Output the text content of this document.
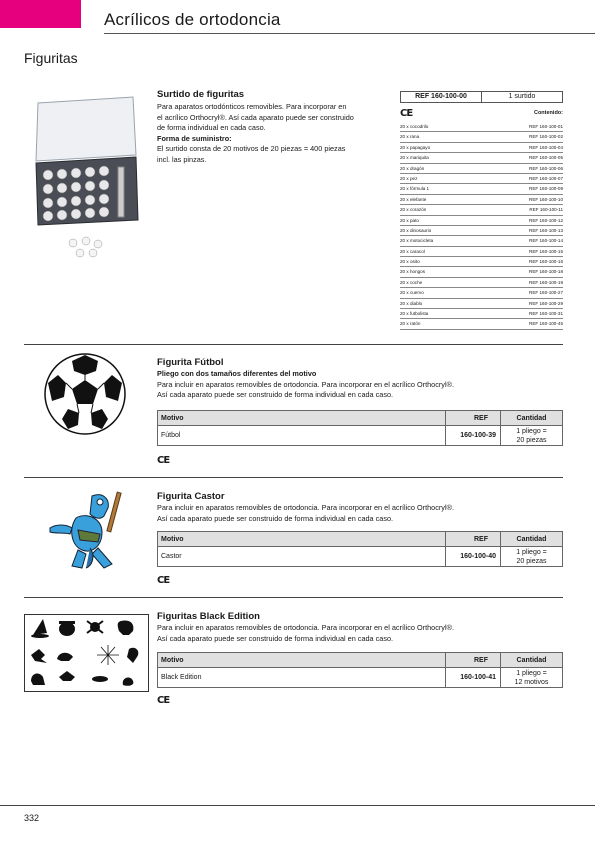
Acrílicos de ortodoncia
Figuritas
Surtido de figuritas
Para aparatos ortodónticos removibles. Para incorporar en
el acrílico Orthocryl®. Así cada aparato puede ser construido
de forma individual en cada caso.
Forma de suministro:
El surtido consta de 20 motivos de 20 piezas = 400 piezas
incl. las pinzas.
REF 160-100-00	1 surtido
CE	Contenido:
20 x cocodrilo	REF 160-100-01
20 x rana	REF 160-100-02
20 x papagayo	REF 160-100-04
20 x mariquita	REF 160-100-05
20 x dragón	REF 160-100-06
20 x pez	REF 160-100-07
20 x fórmula 1	REF 160-100-09
20 x elefante	REF 160-100-10
20 x corazón	REF 160-100-11
20 x pato	REF 160-100-12
20 x dinosaurio	REF 160-100-13
20 x motocicleta	REF 160-100-14
20 x caracol	REF 160-100-15
20 x osito	REF 160-100-16
20 x hongos	REF 160-100-18
20 x coche	REF 160-100-19
20 x cuervo	REF 160-100-27
20 x diablo	REF 160-100-29
20 x futbolista	REF 160-100-31
20 x ratón	REF 160-100-45
Figurita Fútbol
Pliego con dos tamaños diferentes del motivo
Para incluir en aparatos removibles de ortodoncia. Para incorporar en el acrílico Orthocryl®.
Así cada aparato puede ser construido de forma individual en cada caso.
Motivo	REF	Cantidad
Fútbol	160-100-39	1 pliego =
20 piezas
CE
Figurita Castor
Para incluir en aparatos removibles de ortodoncia. Para incorporar en el acrílico Orthocryl®.
Así cada aparato puede ser construido de forma individual en cada caso.
Motivo	REF	Cantidad
Castor	160-100-40	1 pliego =
20 piezas
CE
Figuritas Black Edition
Para incluir en aparatos removibles de ortodoncia. Para incorporar en el acrílico Orthocryl®.
Así cada aparato puede ser construido de forma individual en cada caso.
Motivo	REF	Cantidad
Black Edition	160-100-41	1 pliego =
12 motivos
CE
332
